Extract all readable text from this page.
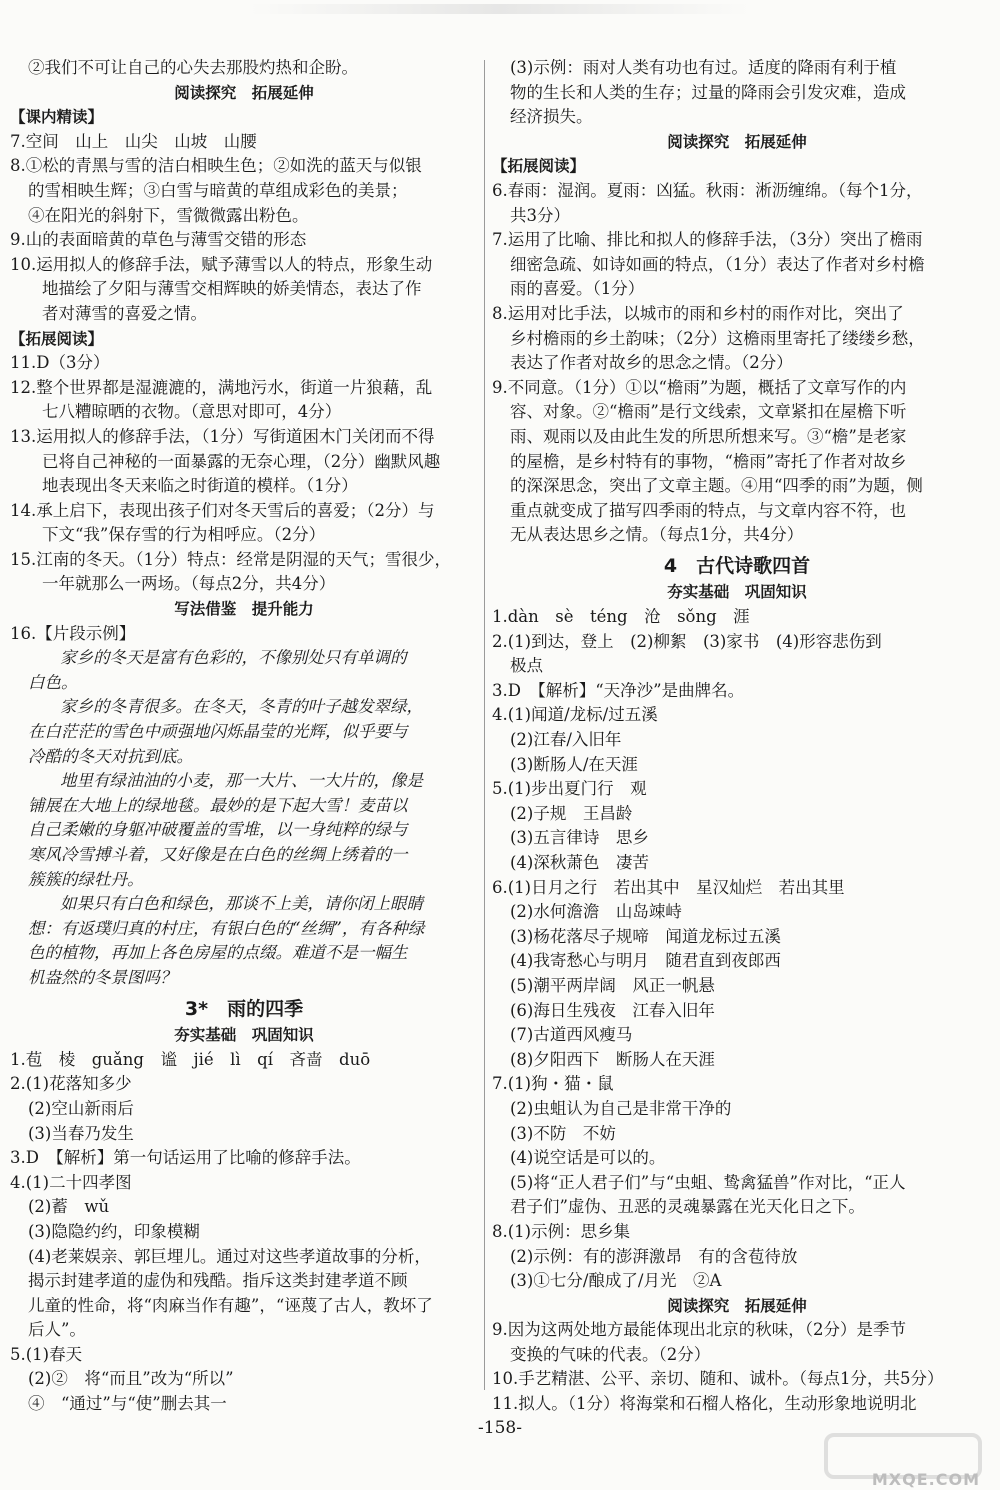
②我们不可让自己的心失去那股灼热和企盼。
阅读探究　拓展延伸
【课内精读】
7.空间　山上　山尖　山坡　山腰
8.①松的青黑与雪的洁白相映生色；②如洗的蓝天与似银
的雪相映生辉；③白雪与暗黄的草组成彩色的美景；
④在阳光的斜射下，雪微微露出粉色。
9.山的表面暗黄的草色与薄雪交错的形态
10.运用拟人的修辞手法，赋予薄雪以人的特点，形象生动
地描绘了夕阳与薄雪交相辉映的娇美情态，表达了作
者对薄雪的喜爱之情。
【拓展阅读】
11.D（3分）
12.整个世界都是湿漉漉的，满地污水，街道一片狼藉，乱
七八糟晾晒的衣物。（意思对即可，4分）
13.运用拟人的修辞手法，（1分）写街道困木门关闭而不得
已将自己神秘的一面暴露的无奈心理，（2分）幽默风趣
地表现出冬天来临之时街道的模样。（1分）
14.承上启下，表现出孩子们对冬天雪后的喜爱；（2分）与
下文“我”保存雪的行为相呼应。（2分）
15.江南的冬天。（1分）特点：经常是阴湿的天气；雪很少，
一年就那么一两场。（每点2分，共4分）
写法借鉴　提升能力
16.【片段示例】
家乡的冬天是富有色彩的，不像别处只有单调的
白色。
家乡的冬青很多。在冬天，冬青的叶子越发翠绿，
在白茫茫的雪色中顽强地闪烁晶莹的光辉，似乎要与
冷酷的冬天对抗到底。
地里有绿油油的小麦，那一大片、一大片的，像是
铺展在大地上的绿地毯。最妙的是下起大雪！麦苗以
自己柔嫩的身躯冲破覆盖的雪堆，以一身纯粹的绿与
寒风冷雪搏斗着，又好像是在白色的丝绸上绣着的一
簇簇的绿牡丹。
如果只有白色和绿色，那谈不上美，请你闭上眼睛
想：有返璞归真的村庄，有银白色的“丝绸”，有各种绿
色的植物，再加上各色房屋的点缀。难道不是一幅生
机盎然的冬景图吗？
3*　雨的四季
夯实基础　巩固知识
1.苞　棱　guǎng　谧　jié　lì　qí　吝啬　duō
2.(1)花落知多少
(2)空山新雨后
(3)当春乃发生
3.D　【解析】第一句话运用了比喻的修辞手法。
4.(1)二十四孝图
(2)蓄　wǔ
(3)隐隐约约，印象模糊
(4)老莱娱亲、郭巨埋儿。通过对这些孝道故事的分析，
揭示封建孝道的虚伪和残酷。指斥这类封建孝道不顾
儿童的性命，将“肉麻当作有趣”，“诬蔑了古人，教坏了
后人”。
5.(1)春天
(2)②　将“而且”改为“所以”
④　“通过”与“使”删去其一
(3)示例：雨对人类有功也有过。适度的降雨有利于植
物的生长和人类的生存；过量的降雨会引发灾难，造成
经济损失。
阅读探究　拓展延伸
【拓展阅读】
6.春雨：湿润。夏雨：凶猛。秋雨：淅沥缠绵。（每个1分，
共3分）
7.运用了比喻、排比和拟人的修辞手法，（3分）突出了檐雨
细密急疏、如诗如画的特点，（1分）表达了作者对乡村檐
雨的喜爱。（1分）
8.运用对比手法，以城市的雨和乡村的雨作对比，突出了
乡村檐雨的乡土韵味；（2分）这檐雨里寄托了缕缕乡愁，
表达了作者对故乡的思念之情。（2分）
9.不同意。（1分）①以“檐雨”为题，概括了文章写作的内
容、对象。②“檐雨”是行文线索，文章紧扣在屋檐下听
雨、观雨以及由此生发的所思所想来写。③“檐”是老家
的屋檐，是乡村特有的事物，“檐雨”寄托了作者对故乡
的深深思念，突出了文章主题。④用“四季的雨”为题，侧
重点就变成了描写四季雨的特点，与文章内容不符，也
无从表达思乡之情。（每点1分，共4分）
4　古代诗歌四首
夯实基础　巩固知识
1.dàn　sè　téng　沧　sǒng　涯
2.(1)到达，登上　(2)柳絮　(3)家书　(4)形容悲伤到
极点
3.D　【解析】“天净沙”是曲牌名。
4.(1)闻道/龙标/过五溪
(2)江春/入旧年
(3)断肠人/在天涯
5.(1)步出夏门行　观
(2)子规　王昌龄
(3)五言律诗　思乡
(4)深秋萧色　凄苦
6.(1)日月之行　若出其中　星汉灿烂　若出其里
(2)水何澹澹　山岛竦峙
(3)杨花落尽子规啼　闻道龙标过五溪
(4)我寄愁心与明月　随君直到夜郎西
(5)潮平两岸阔　风正一帆悬
(6)海日生残夜　江春入旧年
(7)古道西风瘦马
(8)夕阳西下　断肠人在天涯
7.(1)狗・猫・鼠
(2)虫蛆认为自己是非常干净的
(3)不防　不妨
(4)说空话是可以的。
(5)将“正人君子们”与“虫蛆、鸷禽猛兽”作对比，“正人
君子们”虚伪、丑恶的灵魂暴露在光天化日之下。
8.(1)示例：思乡集
(2)示例：有的澎湃激昂　有的含苞待放
(3)①七分/酿成了/月光　②A
阅读探究　拓展延伸
9.因为这两处地方最能体现出北京的秋味，（2分）是季节
变换的气味的代表。（2分）
10.手艺精湛、公平、亲切、随和、诚朴。（每点1分，共5分）
11.拟人。（1分）将海棠和石榴人格化，生动形象地说明北
-158-
MXQE.COM
